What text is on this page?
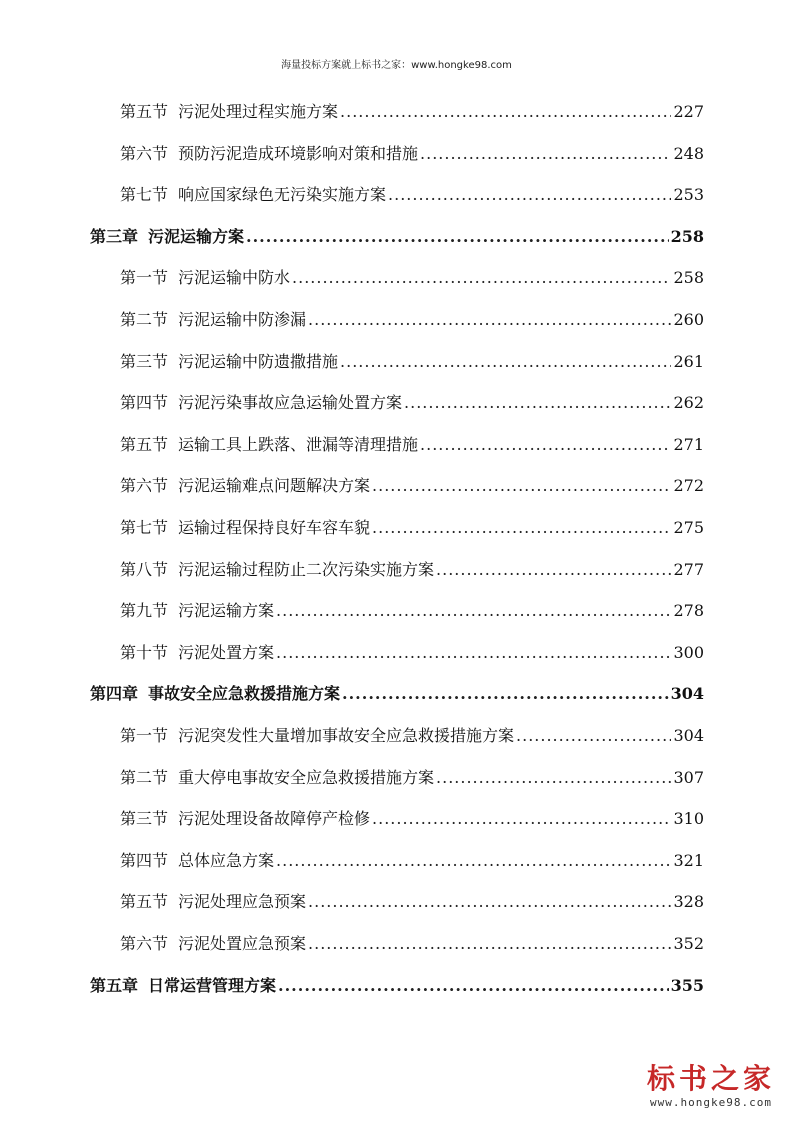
海量投标方案就上标书之家：www.hongke98.com
第五节 污泥处理过程实施方案 .....	227
第六节 预防污泥造成环境影响对策和措施 .....	248
第七节 响应国家绿色无污染实施方案 .....	253
第三章 污泥运输方案 .....	258
第一节 污泥运输中防水 .....	258
第二节 污泥运输中防渗漏 .....	260
第三节 污泥运输中防遗撒措施 .....	261
第四节 污泥污染事故应急运输处置方案 .....	262
第五节 运输工具上跌落、泄漏等清理措施 .....	271
第六节 污泥运输难点问题解决方案 .....	272
第七节 运输过程保持良好车容车貌 .....	275
第八节 污泥运输过程防止二次污染实施方案 .....	277
第九节 污泥运输方案 .....	278
第十节 污泥处置方案 .....	300
第四章 事故安全应急救援措施方案 .....	304
第一节 污泥突发性大量增加事故安全应急救援措施方案 .....	304
第二节 重大停电事故安全应急救援措施方案 .....	307
第三节 污泥处理设备故障停产检修 .....	310
第四节 总体应急方案 .....	321
第五节 污泥处理应急预案 .....	328
第六节 污泥处置应急预案 .....	352
第五章 日常运营管理方案 .....	355
标书之家
www.hongke98.com
